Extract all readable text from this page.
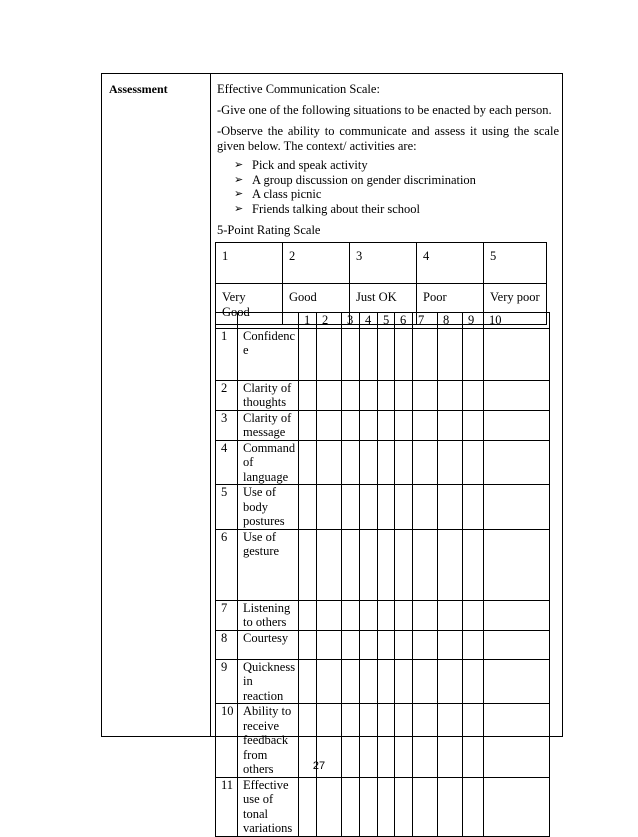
Assessment	Effective Communication Scale:
-Give one of the following situations to be enacted by each person.
-Observe the ability to communicate and assess it using the scale given below. The context/ activities are:
➢ Pick and speak activity
➢ A group discussion on gender discrimination
➢ A class picnic
➢ Friends talking about their school
5-Point Rating Scale
1	2	3	4	5

Very Good	Good	Just OK	Poor	Very poor
		1	2	3	4	5	6	7	8	9	10
1	Confidenc e										
2	Clarity of thoughts										
3	Clarity of message										
4	Command of language										
5	Use of body postures										
6	Use of gesture										
7	Listening to others										
8	Courtesy										
9	Quickness in reaction										
10	Ability to receive feedback from others										
11	Effective use of tonal variations										
27
